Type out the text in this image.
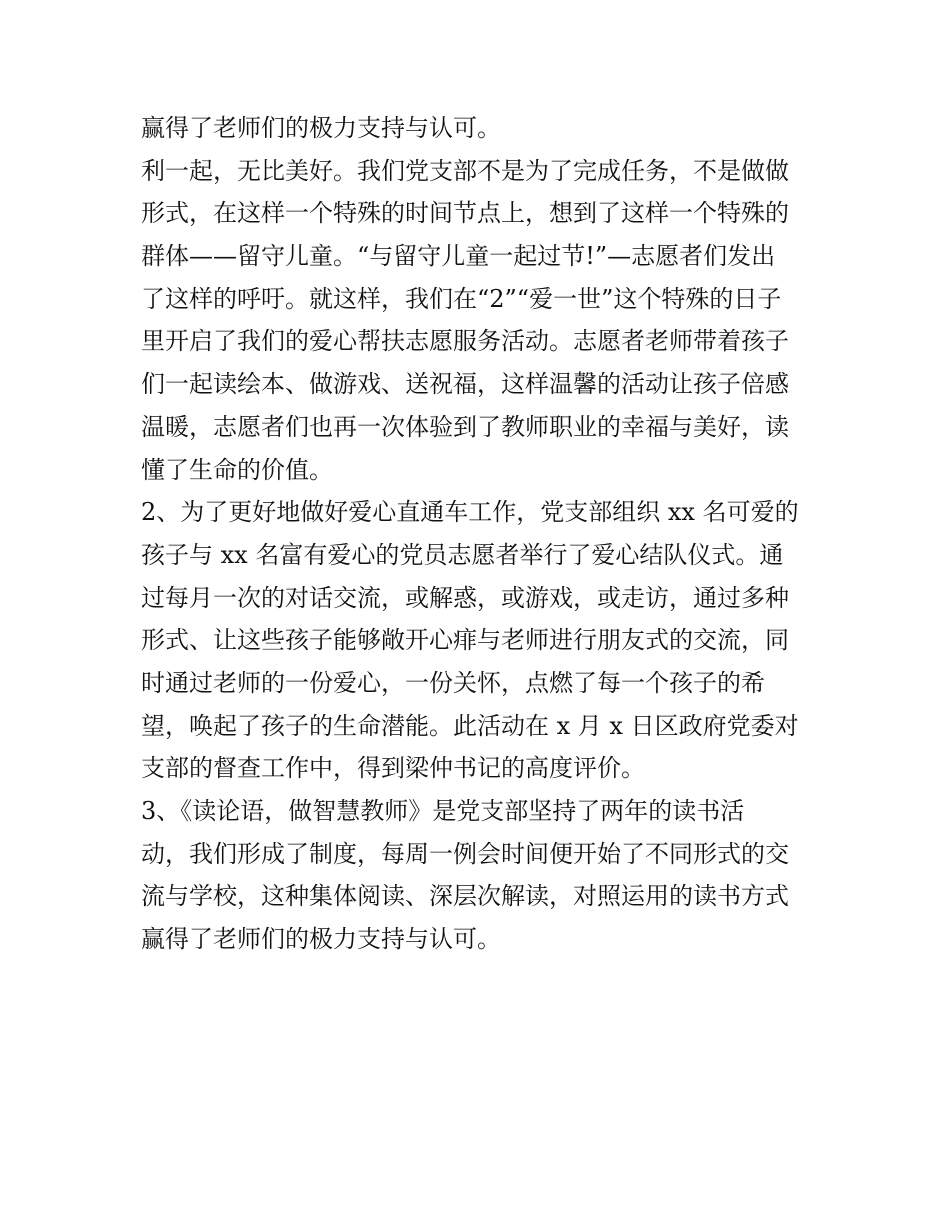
赢得了老师们的极力支持与认可。
利一起，无比美好。我们党支部不是为了完成任务，不是做做
形式，在这样一个特殊的时间节点上，想到了这样一个特殊的
群体——留守儿童。“与留守儿童一起过节!”—志愿者们发出
了这样的呼吁。就这样，我们在“2”“爱一世”这个特殊的日子
里开启了我们的爱心帮扶志愿服务活动。志愿者老师带着孩子
们一起读绘本、做游戏、送祝福，这样温馨的活动让孩子倍感
温暖，志愿者们也再一次体验到了教师职业的幸福与美好，读
懂了生命的价值。
2、为了更好地做好爱心直通车工作，党支部组织 xx 名可爱的
孩子与 xx 名富有爱心的党员志愿者举行了爱心结队仪式。通
过每月一次的对话交流，或解惑，或游戏，或走访，通过多种
形式、让这些孩子能够敞开心痱与老师进行朋友式的交流，同
时通过老师的一份爱心，一份关怀，点燃了每一个孩子的希
望，唤起了孩子的生命潜能。此活动在 x 月 x 日区政府党委对
支部的督查工作中，得到梁仲书记的高度评价。
3、《读论语，做智慧教师》是党支部坚持了两年的读书活
动，我们形成了制度，每周一例会时间便开始了不同形式的交
流与学校，这种集体阅读、深层次解读，对照运用的读书方式
赢得了老师们的极力支持与认可。
